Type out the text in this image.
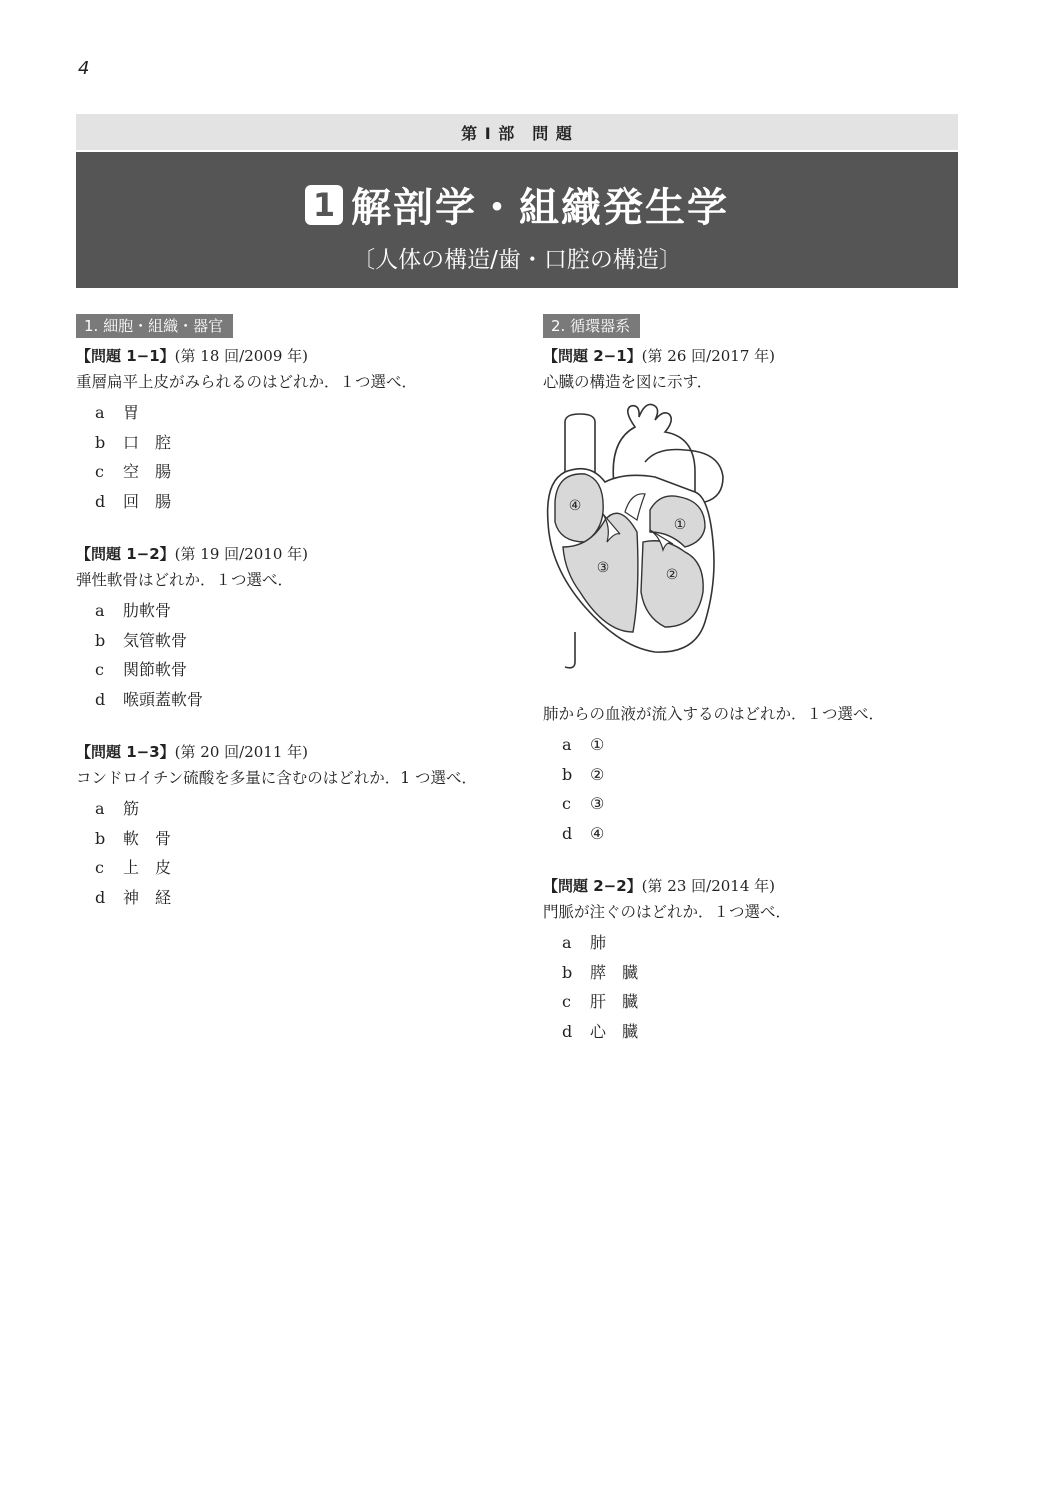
4
第 I 部　問 題
1 解剖学・組織発生学
〔人体の構造/歯・口腔の構造〕
1. 細胞・組織・器官
【問題 1−1】(第 18 回/2009 年)
重層扁平上皮がみられるのはどれか．１つ選べ．
a	胃
b	口　腔
c	空　腸
d	回　腸
【問題 1−2】(第 19 回/2010 年)
弾性軟骨はどれか．１つ選べ．
a	肋軟骨
b	気管軟骨
c	関節軟骨
d	喉頭蓋軟骨
【問題 1−3】(第 20 回/2011 年)
コンドロイチン硫酸を多量に含むのはどれか．1 つ選べ．
a	筋
b	軟　骨
c	上　皮
d	神　経
2. 循環器系
【問題 2−1】(第 26 回/2017 年)
心臓の構造を図に示す．
④
①
②
③
肺からの血液が流入するのはどれか．１つ選べ．
a	①
b	②
c	③
d	④
【問題 2−2】(第 23 回/2014 年)
門脈が注ぐのはどれか．１つ選べ．
a	肺
b	膵　臓
c	肝　臓
d	心　臓
